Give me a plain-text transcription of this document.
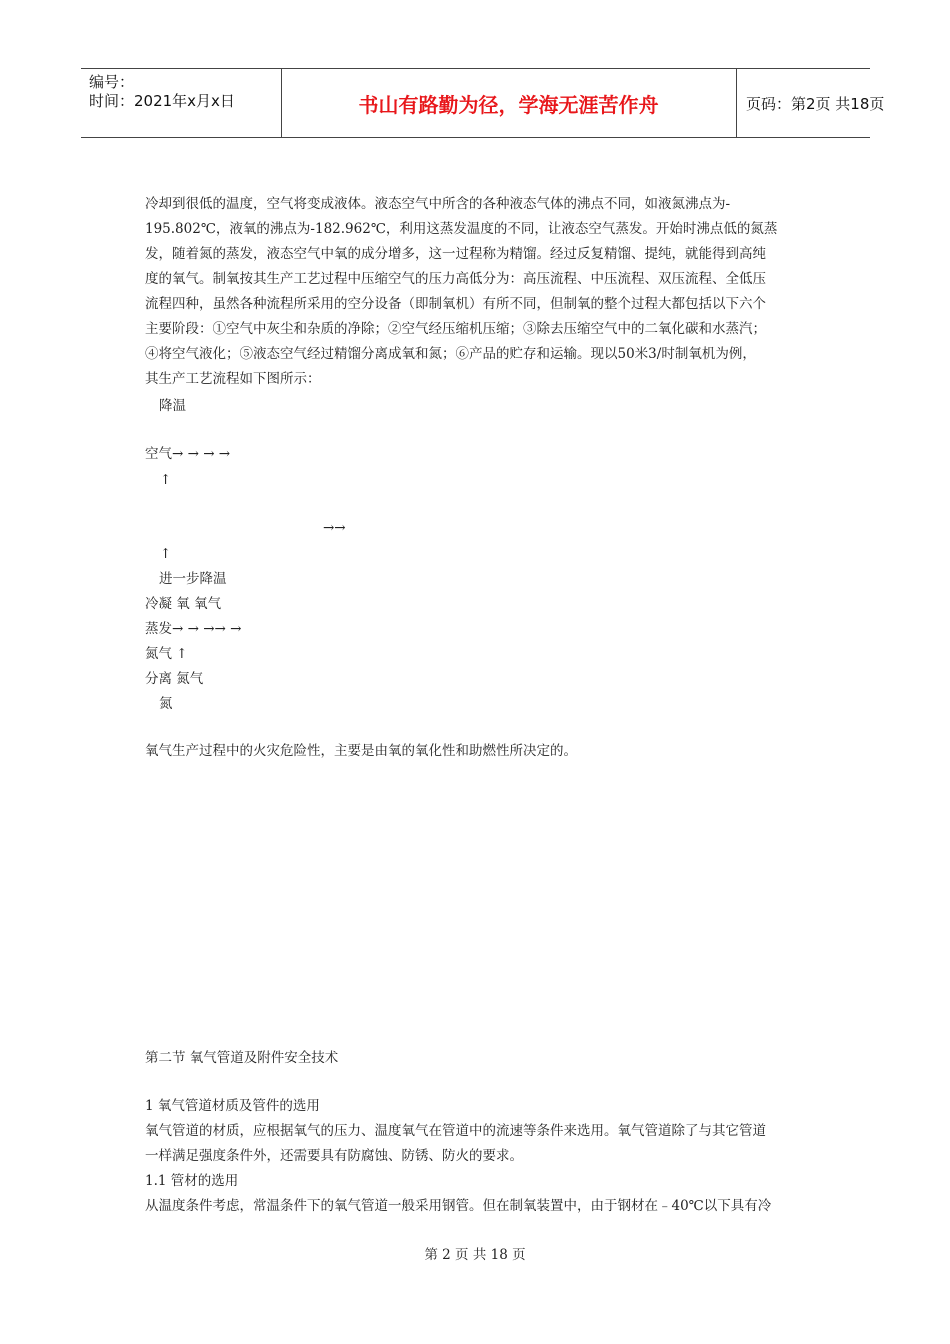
编号：
时间：2021年x月x日	书山有路勤为径，学海无涯苦作舟	页码：第2页 共18页
冷却到很低的温度，空气将变成液体。液态空气中所含的各种液态气体的沸点不同，如液氮沸点为-
195.802℃，液氧的沸点为-182.962℃，利用这蒸发温度的不同，让液态空气蒸发。开始时沸点低的氮蒸
发，随着氮的蒸发，液态空气中氧的成分增多，这一过程称为精馏。经过反复精馏、提纯，就能得到高纯
度的氧气。制氧按其生产工艺过程中压缩空气的压力高低分为：高压流程、中压流程、双压流程、全低压
流程四种，虽然各种流程所采用的空分设备（即制氧机）有所不同，但制氧的整个过程大都包括以下六个
主要阶段：①空气中灰尘和杂质的净除；②空气经压缩机压缩；③除去压缩空气中的二氧化碳和水蒸汽；
④将空气液化；⑤液态空气经过精馏分离成氧和氮；⑥产品的贮存和运输。现以50米3/时制氧机为例，
其生产工艺流程如下图所示：
降温
空气→ → → →
↑
→→
↑
进一步降温
冷凝 氧 氧气
蒸发→ → →→ →
氮气 ↑
分离 氮气
氮
氧气生产过程中的火灾危险性，主要是由氧的氧化性和助燃性所决定的。
第二节 氧气管道及附件安全技术
1 氧气管道材质及管件的选用
氧气管道的材质，应根据氧气的压力、温度氧气在管道中的流速等条件来选用。氧气管道除了与其它管道
一样满足强度条件外，还需要具有防腐蚀、防锈、防火的要求。
1.1 管材的选用
从温度条件考虑，常温条件下的氧气管道一般采用钢管。但在制氧装置中，由于钢材在﹣40℃以下具有冷
第 2 页 共 18 页
